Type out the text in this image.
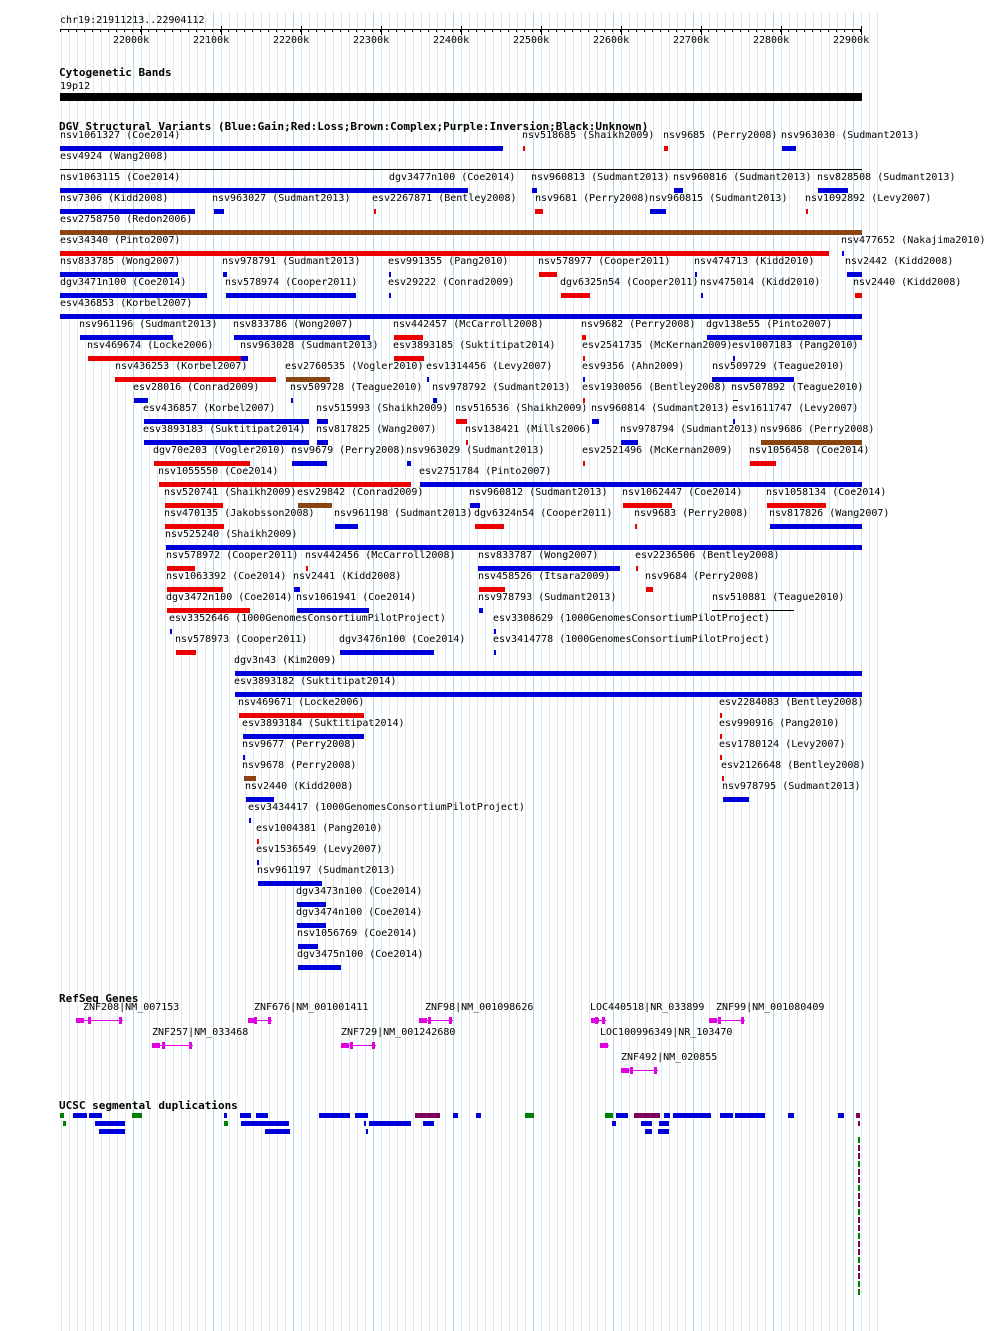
chr19:21911213..22904112
22000k	22100k	22200k	22300k	22400k	22500k	22600k	22700k	22800k	22900k
Cytogenetic Bands
19p12
DGV Structural Variants (Blue:Gain;Red:Loss;Brown:Complex;Purple:Inversion;Black:Unknown)
nsv1061327 (Coe2014)	nsv518685 (Shaikh2009) nsv9685 (Perry2008) nsv963030 (Sudmant2013)
esv4924 (Wang2008)
nsv1063115 (Coe2014)	dgv3477n100 (Coe2014) nsv960813 (Sudmant2013) nsv960816 (Sudmant2013) nsv828508 (Sudmant2013)
nsv7306 (Kidd2008)	nsv963027 (Sudmant2013) esv2267871 (Bentley2008) nsv9681 (Perry2008) nsv960815 (Sudmant2013) nsv1092892 (Levy2007)
esv2758750 (Redon2006)
esv34340 (Pinto2007)	nsv477652 (Nakajima2010)
nsv833785 (Wong2007)	nsv978791 (Sudmant2013)	esv991355 (Pang2010)	nsv578977 (Cooper2011) nsv474713 (Kidd2010)	nsv2442 (Kidd2008)
dgv3471n100 (Coe2014)	nsv578974 (Cooper2011)	esv29222 (Conrad2009)	dgv6325n54 (Cooper2011) nsv475014 (Kidd2010)	nsv2440 (Kidd2008)
esv436853 (Korbel2007)
nsv961196 (Sudmant2013) nsv833786 (Wong2007)	nsv442457 (McCarroll2008)	nsv9682 (Perry2008) dgv138e55 (Pinto2007)
nsv469674 (Locke2006)	nsv963028 (Sudmant2013) esv3893185 (Suktitipat2014)	esv2541735 (McKernan2009) esv1007183 (Pang2010)
nsv436253 (Korbel2007)	esv2760535 (Vogler2010) esv1314456 (Levy2007)	esv9356 (Ahn2009)	nsv509729 (Teague2010)
esv28016 (Conrad2009)	nsv509728 (Teague2010) nsv978792 (Sudmant2013) esv1930056 (Bentley2008) nsv507892 (Teague2010)
esv436857 (Korbel2007)	nsv515993 (Shaikh2009) nsv516536 (Shaikh2009) nsv960814 (Sudmant2013) esv1611747 (Levy2007)
esv3893183 (Suktitipat2014) nsv817825 (Wang2007)	nsv138421 (Mills2006)	nsv978794 (Sudmant2013) nsv9686 (Perry2008)
dgv70e203 (Vogler2010) nsv9679 (Perry2008) nsv963029 (Sudmant2013)	esv2521496 (McKernan2009) nsv1056458 (Coe2014)
nsv1055550 (Coe2014)	esv2751784 (Pinto2007)
nsv520741 (Shaikh2009) esv29842 (Conrad2009)	nsv960812 (Sudmant2013) nsv1062447 (Coe2014) nsv1058134 (Coe2014)
nsv470135 (Jakobsson2008) nsv961198 (Sudmant2013) dgv6324n54 (Cooper2011) nsv9683 (Perry2008) nsv817826 (Wang2007)
nsv525240 (Shaikh2009)
nsv578972 (Cooper2011) nsv442456 (McCarroll2008) nsv833787 (Wong2007)	esv2236506 (Bentley2008)
nsv1063392 (Coe2014) nsv2441 (Kidd2008)	nsv458526 (Itsara2009)	nsv9684 (Perry2008)
dgv3472n100 (Coe2014) nsv1061941 (Coe2014)	nsv978793 (Sudmant2013)	nsv510881 (Teague2010)
esv3352646 (1000GenomesConsortiumPilotProject)	esv3308629 (1000GenomesConsortiumPilotProject)
nsv578973 (Cooper2011)	dgv3476n100 (Coe2014)	esv3414778 (1000GenomesConsortiumPilotProject)
dgv3n43 (Kim2009)
esv3893182 (Suktitipat2014)
nsv469671 (Locke2006)	esv2284083 (Bentley2008)
esv3893184 (Suktitipat2014)	esv990916 (Pang2010)
nsv9677 (Perry2008)	esv1780124 (Levy2007)
nsv9678 (Perry2008)	esv2126648 (Bentley2008)
nsv2440 (Kidd2008)	nsv978795 (Sudmant2013)
esv3434417 (1000GenomesConsortiumPilotProject)
esv1004381 (Pang2010)
esv1536549 (Levy2007)
nsv961197 (Sudmant2013)
dgv3473n100 (Coe2014)
dgv3474n100 (Coe2014)
nsv1056769 (Coe2014)
dgv3475n100 (Coe2014)
RefSeq Genes
ZNF208|NM_007153	ZNF676|NM_001001411	ZNF98|NM_001098626	LOC440518|NR_033899 ZNF99|NM_001080409
ZNF257|NM_033468	ZNF729|NM_001242680	LOC100996349|NR_103470
ZNF492|NM_020855
UCSC segmental duplications
